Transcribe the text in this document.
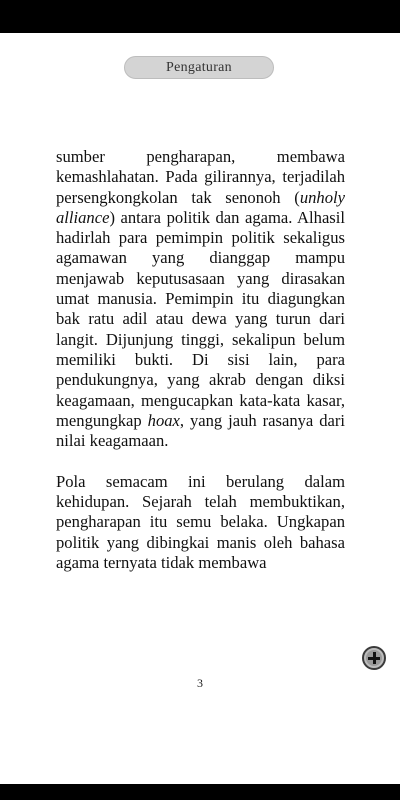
Pengaturan

sumber pengharapan, membawa kemashlahatan. Pada gilirannya, terjadilah persengkongkolan tak senonoh (unholy alliance) antara politik dan agama. Alhasil hadirlah para pemimpin politik sekaligus agamawan yang dianggap mampu menjawab keputusasaan yang dirasakan umat manusia. Pemimpin itu diagungkan bak ratu adil atau dewa yang turun dari langit. Dijunjung tinggi, sekalipun belum memiliki bukti. Di sisi lain, para pendukungnya, yang akrab dengan diksi keagamaan, mengucapkan kata-kata kasar, mengungkap hoax, yang jauh rasanya dari nilai keagamaan.

Pola semacam ini berulang dalam kehidupan. Sejarah telah membuktikan, pengharapan itu semu belaka. Ungkapan politik yang dibingkai manis oleh bahasa agama ternyata tidak membawa

3
